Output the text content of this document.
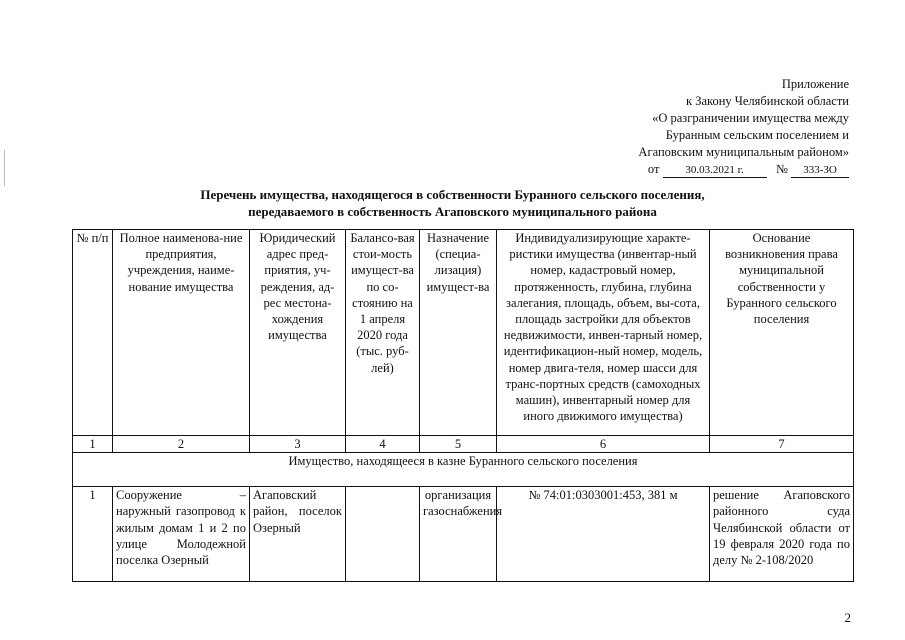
Приложение
к Закону Челябинской области
«О разграничении имущества между
Буранным сельским поселением и
Агаповским муниципальным районом»
от 30.03.2021 г.	№ 333-ЗО
Перечень имущества, находящегося в собственности Буранного сельского поселения,
передаваемого в собственность Агаповского муниципального района
№ п/п	Полное наименова-ние предприятия, учреждения, наиме-нование имущества	Юридический адрес пред-приятия, уч-реждения, ад-рес местона-хождения имущества	Балансо-вая стои-мость имущест-ва по со-стоянию на 1 апреля 2020 года (тыс. руб-лей)	Назначение (специа-лизация) имущест-ва	Индивидуализирующие характе-ристики имущества (инвентар-ный номер, кадастровый номер, протяженность, глубина, глубина залегания, площадь, объем, вы-сота, площадь застройки для объектов недвижимости, инвен-тарный номер, идентификацион-ный номер, модель, номер двига-теля, номер шасси для транс-портных средств (самоходных машин), инвентарный номер для иного движимого имущества)	Основание возникновения права муниципальной собственности у Буранного сельского поселения
1	2	3	4	5	6	7
Имущество, находящееся в казне Буранного сельского поселения						
1	Сооружение – наружный газопровод к жилым домам 1 и 2 по улице Молодежной поселка Озерный	Агаповский район, поселок Озерный		организация газоснабжения	№ 74:01:0303001:453, 381 м	решение Агаповского районного суда Челябинской области от 19 февраля 2020 года по делу № 2-108/2020
2
